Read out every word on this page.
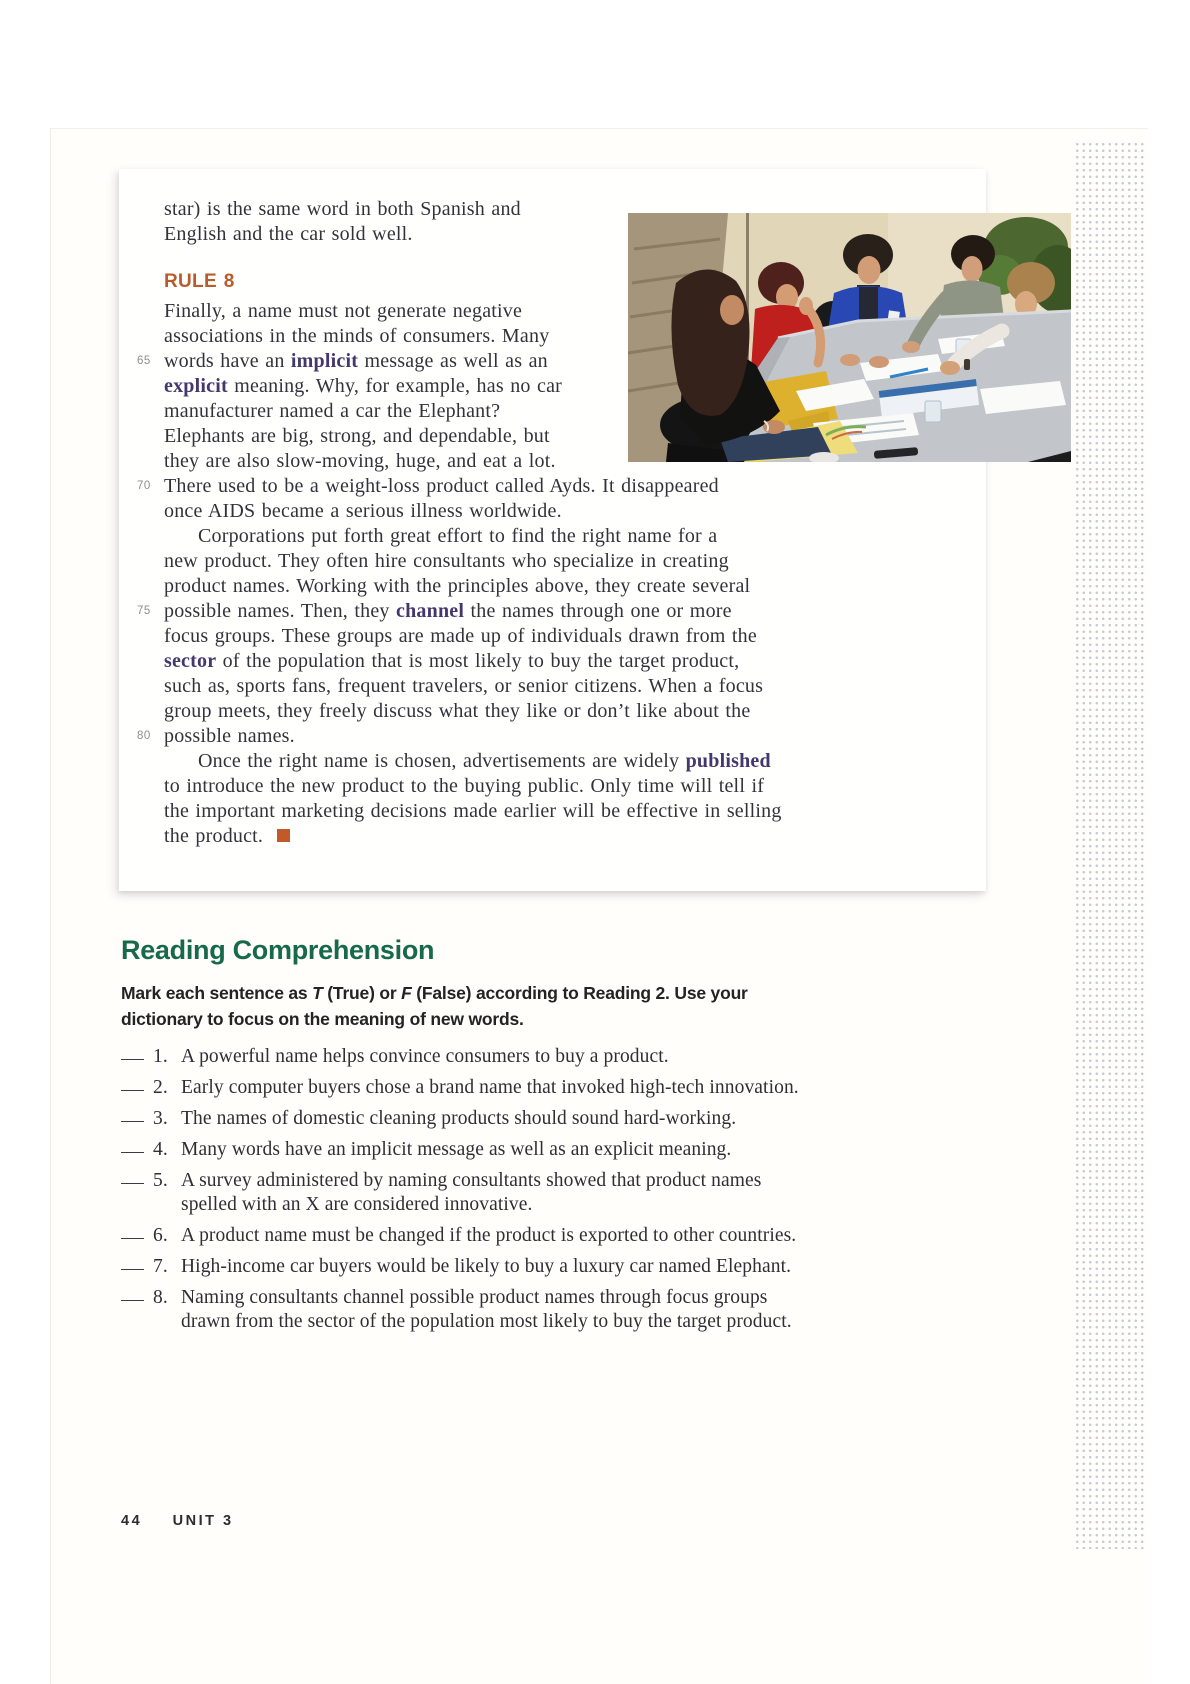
star) is the same word in both Spanish and
English and the car sold well.
RULE 8
Finally, a name must not generate negative
associations in the minds of consumers. Many
65 words have an implicit message as well as an
explicit meaning. Why, for example, has no car
manufacturer named a car the Elephant?
Elephants are big, strong, and dependable, but
they are also slow-moving, huge, and eat a lot.
70 There used to be a weight-loss product called Ayds. It disappeared
once AIDS became a serious illness worldwide.
Corporations put forth great effort to find the right name for a
new product. They often hire consultants who specialize in creating
product names. Working with the principles above, they create several
75 possible names. Then, they channel the names through one or more
focus groups. These groups are made up of individuals drawn from the
sector of the population that is most likely to buy the target product,
such as, sports fans, frequent travelers, or senior citizens. When a focus
group meets, they freely discuss what they like or don’t like about the
80 possible names.
Once the right name is chosen, advertisements are widely published
to introduce the new product to the buying public. Only time will tell if
the important marketing decisions made earlier will be effective in selling
the product.
Reading Comprehension
Mark each sentence as T (True) or F (False) according to Reading 2. Use your
dictionary to focus on the meaning of new words.
1. A powerful name helps convince consumers to buy a product.
2. Early computer buyers chose a brand name that invoked high-tech innovation.
3. The names of domestic cleaning products should sound hard-working.
4. Many words have an implicit message as well as an explicit meaning.
5. A survey administered by naming consultants showed that product names
spelled with an X are considered innovative.
6. A product name must be changed if the product is exported to other countries.
7. High-income car buyers would be likely to buy a luxury car named Elephant.
8. Naming consultants channel possible product names through focus groups
drawn from the sector of the population most likely to buy the target product.
44 UNIT 3
